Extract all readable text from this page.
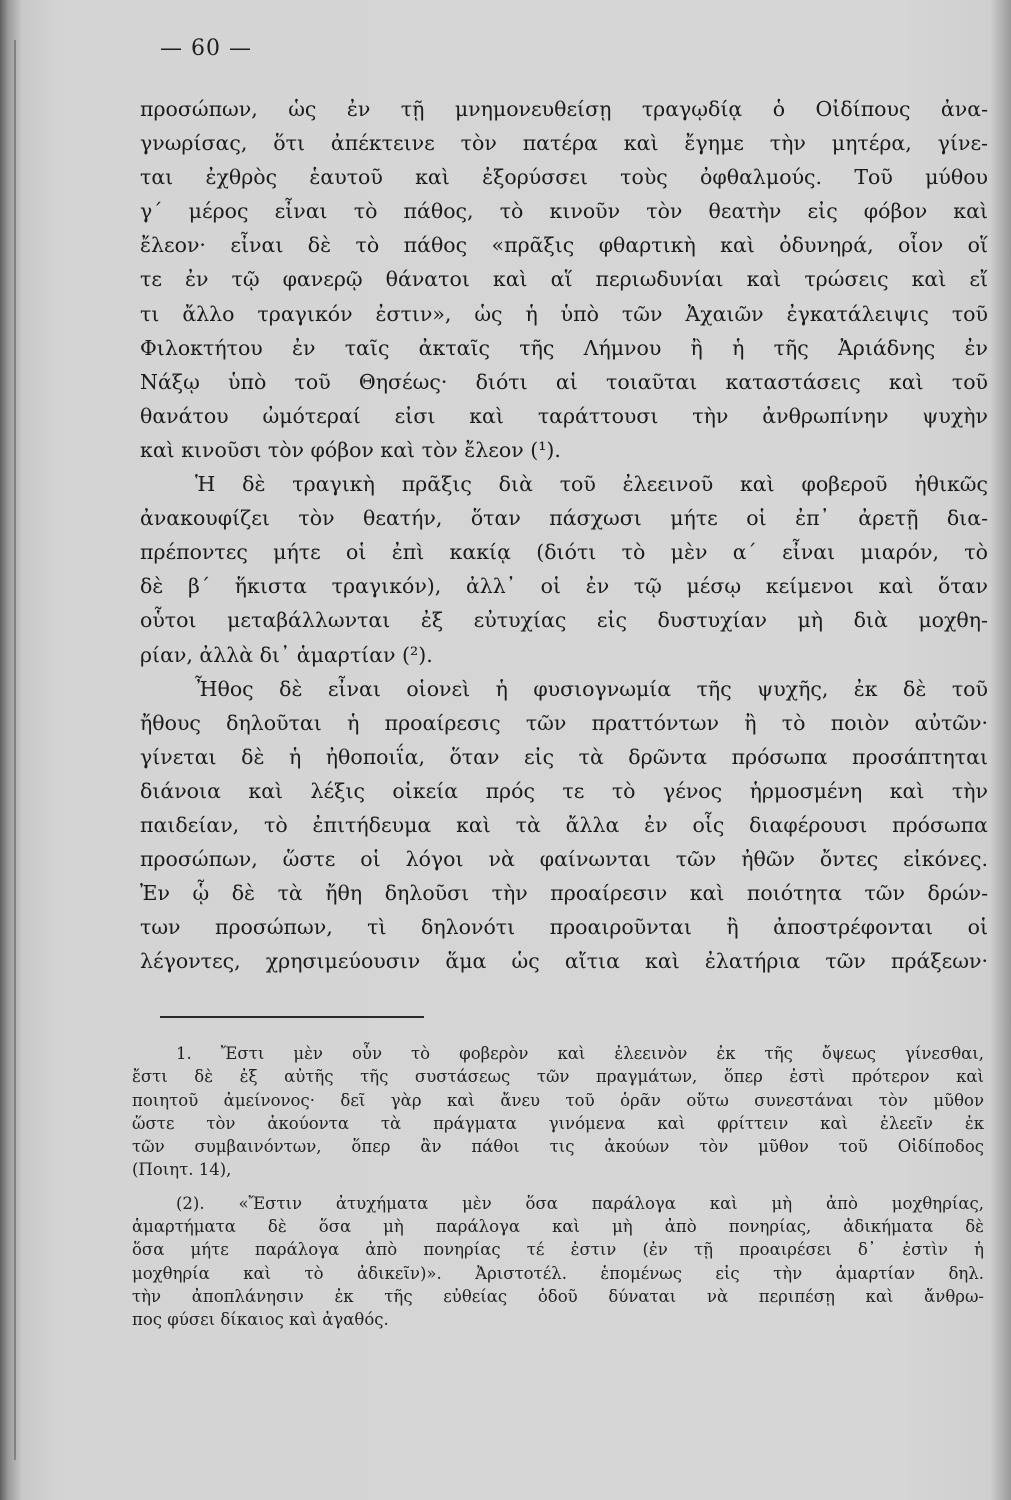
— 60 —

προσώπων, ὡς ἐν τῇ μνημονευθείσῃ τραγῳδίᾳ ὁ Οἰδίπους ἀνα-
γνωρίσας, ὅτι ἀπέκτεινε τὸν πατέρα καὶ ἔγημε τὴν μητέρα, γίνε-
ται ἐχθρὸς ἑαυτοῦ καὶ ἐξορύσσει τοὺς ὀφθαλμούς. Τοῦ μύθου
γ´ μέρος εἶναι τὸ πάθος, τὸ κινοῦν τὸν θεατὴν εἰς φόβον καὶ
ἔλεον· εἶναι δὲ τὸ πάθος «πρᾶξις φθαρτικὴ καὶ ὀδυνηρά, οἷον οἵ
τε ἐν τῷ φανερῷ θάνατοι καὶ αἵ περιωδυνίαι καὶ τρώσεις καὶ εἴ
τι ἄλλο τραγικόν ἐστιν», ὡς ἡ ὑπὸ τῶν Ἀχαιῶν ἐγκατάλειψις τοῦ
Φιλοκτήτου ἐν ταῖς ἀκταῖς τῆς Λήμνου ἢ ἡ τῆς Ἀριάδνης ἐν
Νάξῳ ὑπὸ τοῦ Θησέως· διότι αἱ τοιαῦται καταστάσεις καὶ τοῦ
θανάτου ὠμότεραί εἰσι καὶ ταράττουσι τὴν ἀνθρωπίνην ψυχὴν
καὶ κινοῦσι τὸν φόβον καὶ τὸν ἔλεον (¹).

Ἡ δὲ τραγικὴ πρᾶξις διὰ τοῦ ἐλεεινοῦ καὶ φοβεροῦ ἠθικῶς
ἀνακουφίζει τὸν θεατήν, ὅταν πάσχωσι μήτε οἱ ἐπ᾽ ἀρετῇ δια-
πρέποντες μήτε οἱ ἐπὶ κακίᾳ (διότι τὸ μὲν α´ εἶναι μιαρόν, τὸ
δὲ β´ ἥκιστα τραγικόν), ἀλλ᾽ οἱ ἐν τῷ μέσῳ κείμενοι καὶ ὅταν
οὗτοι μεταβάλλωνται ἐξ εὐτυχίας εἰς δυστυχίαν μὴ διὰ μοχθη-
ρίαν, ἀλλὰ δι᾽ ἁμαρτίαν (²).

Ἦθος δὲ εἶναι οἱονεὶ ἡ φυσιογνωμία τῆς ψυχῆς, ἐκ δὲ τοῦ
ἤθους δηλοῦται ἡ προαίρεσις τῶν πραττόντων ἢ τὸ ποιὸν αὐτῶν·
γίνεται δὲ ἡ ἠθοποιΐα, ὅταν εἰς τὰ δρῶντα πρόσωπα προσάπτηται
διάνοια καὶ λέξις οἰκεία πρός τε τὸ γένος ἡρμοσμένη καὶ τὴν
παιδείαν, τὸ ἐπιτήδευμα καὶ τὰ ἄλλα ἐν οἷς διαφέρουσι πρόσωπα
προσώπων, ὥστε οἱ λόγοι νὰ φαίνωνται τῶν ἠθῶν ὄντες εἰκόνες.
Ἐν ᾧ δὲ τὰ ἤθη δηλοῦσι τὴν προαίρεσιν καὶ ποιότητα τῶν δρών-
των προσώπων, τὶ δηλονότι προαιροῦνται ἢ ἀποστρέφονται οἱ
λέγοντες, χρησιμεύουσιν ἅμα ὡς αἴτια καὶ ἐλατήρια τῶν πράξεων·

1. Ἔστι μὲν οὖν τὸ φοβερὸν καὶ ἐλεεινὸν ἐκ τῆς ὄψεως γίνεσθαι,
ἔστι δὲ ἐξ αὐτῆς τῆς συστάσεως τῶν πραγμάτων, ὅπερ ἐστὶ πρότερον καὶ
ποιητοῦ ἀμείνονος· δεῖ γὰρ καὶ ἄνευ τοῦ ὁρᾶν οὕτω συνεστάναι τὸν μῦθον
ὥστε τὸν ἀκούοντα τὰ πράγματα γινόμενα καὶ φρίττειν καὶ ἐλεεῖν ἐκ
τῶν συμβαινόντων, ὅπερ ἂν πάθοι τις ἀκούων τὸν μῦθον τοῦ Οἰδίποδος
(Ποιητ. 14),
(2). «Ἔστιν ἀτυχήματα μὲν ὅσα παράλογα καὶ μὴ ἀπὸ μοχθηρίας,
ἁμαρτήματα δὲ ὅσα μὴ παράλογα καὶ μὴ ἀπὸ πονηρίας, ἀδικήματα δὲ
ὅσα μήτε παράλογα ἀπὸ πονηρίας τέ ἐστιν (ἐν τῇ προαιρέσει δ᾽ ἐστὶν ἡ
μοχθηρία καὶ τὸ ἀδικεῖν)». Ἀριστοτέλ. ἑπομένως εἰς τὴν ἁμαρτίαν δηλ.
τὴν ἀποπλάνησιν ἐκ τῆς εὐθείας ὁδοῦ δύναται νὰ περιπέσῃ καὶ ἄνθρω-
πος φύσει δίκαιος καὶ ἀγαθός.
